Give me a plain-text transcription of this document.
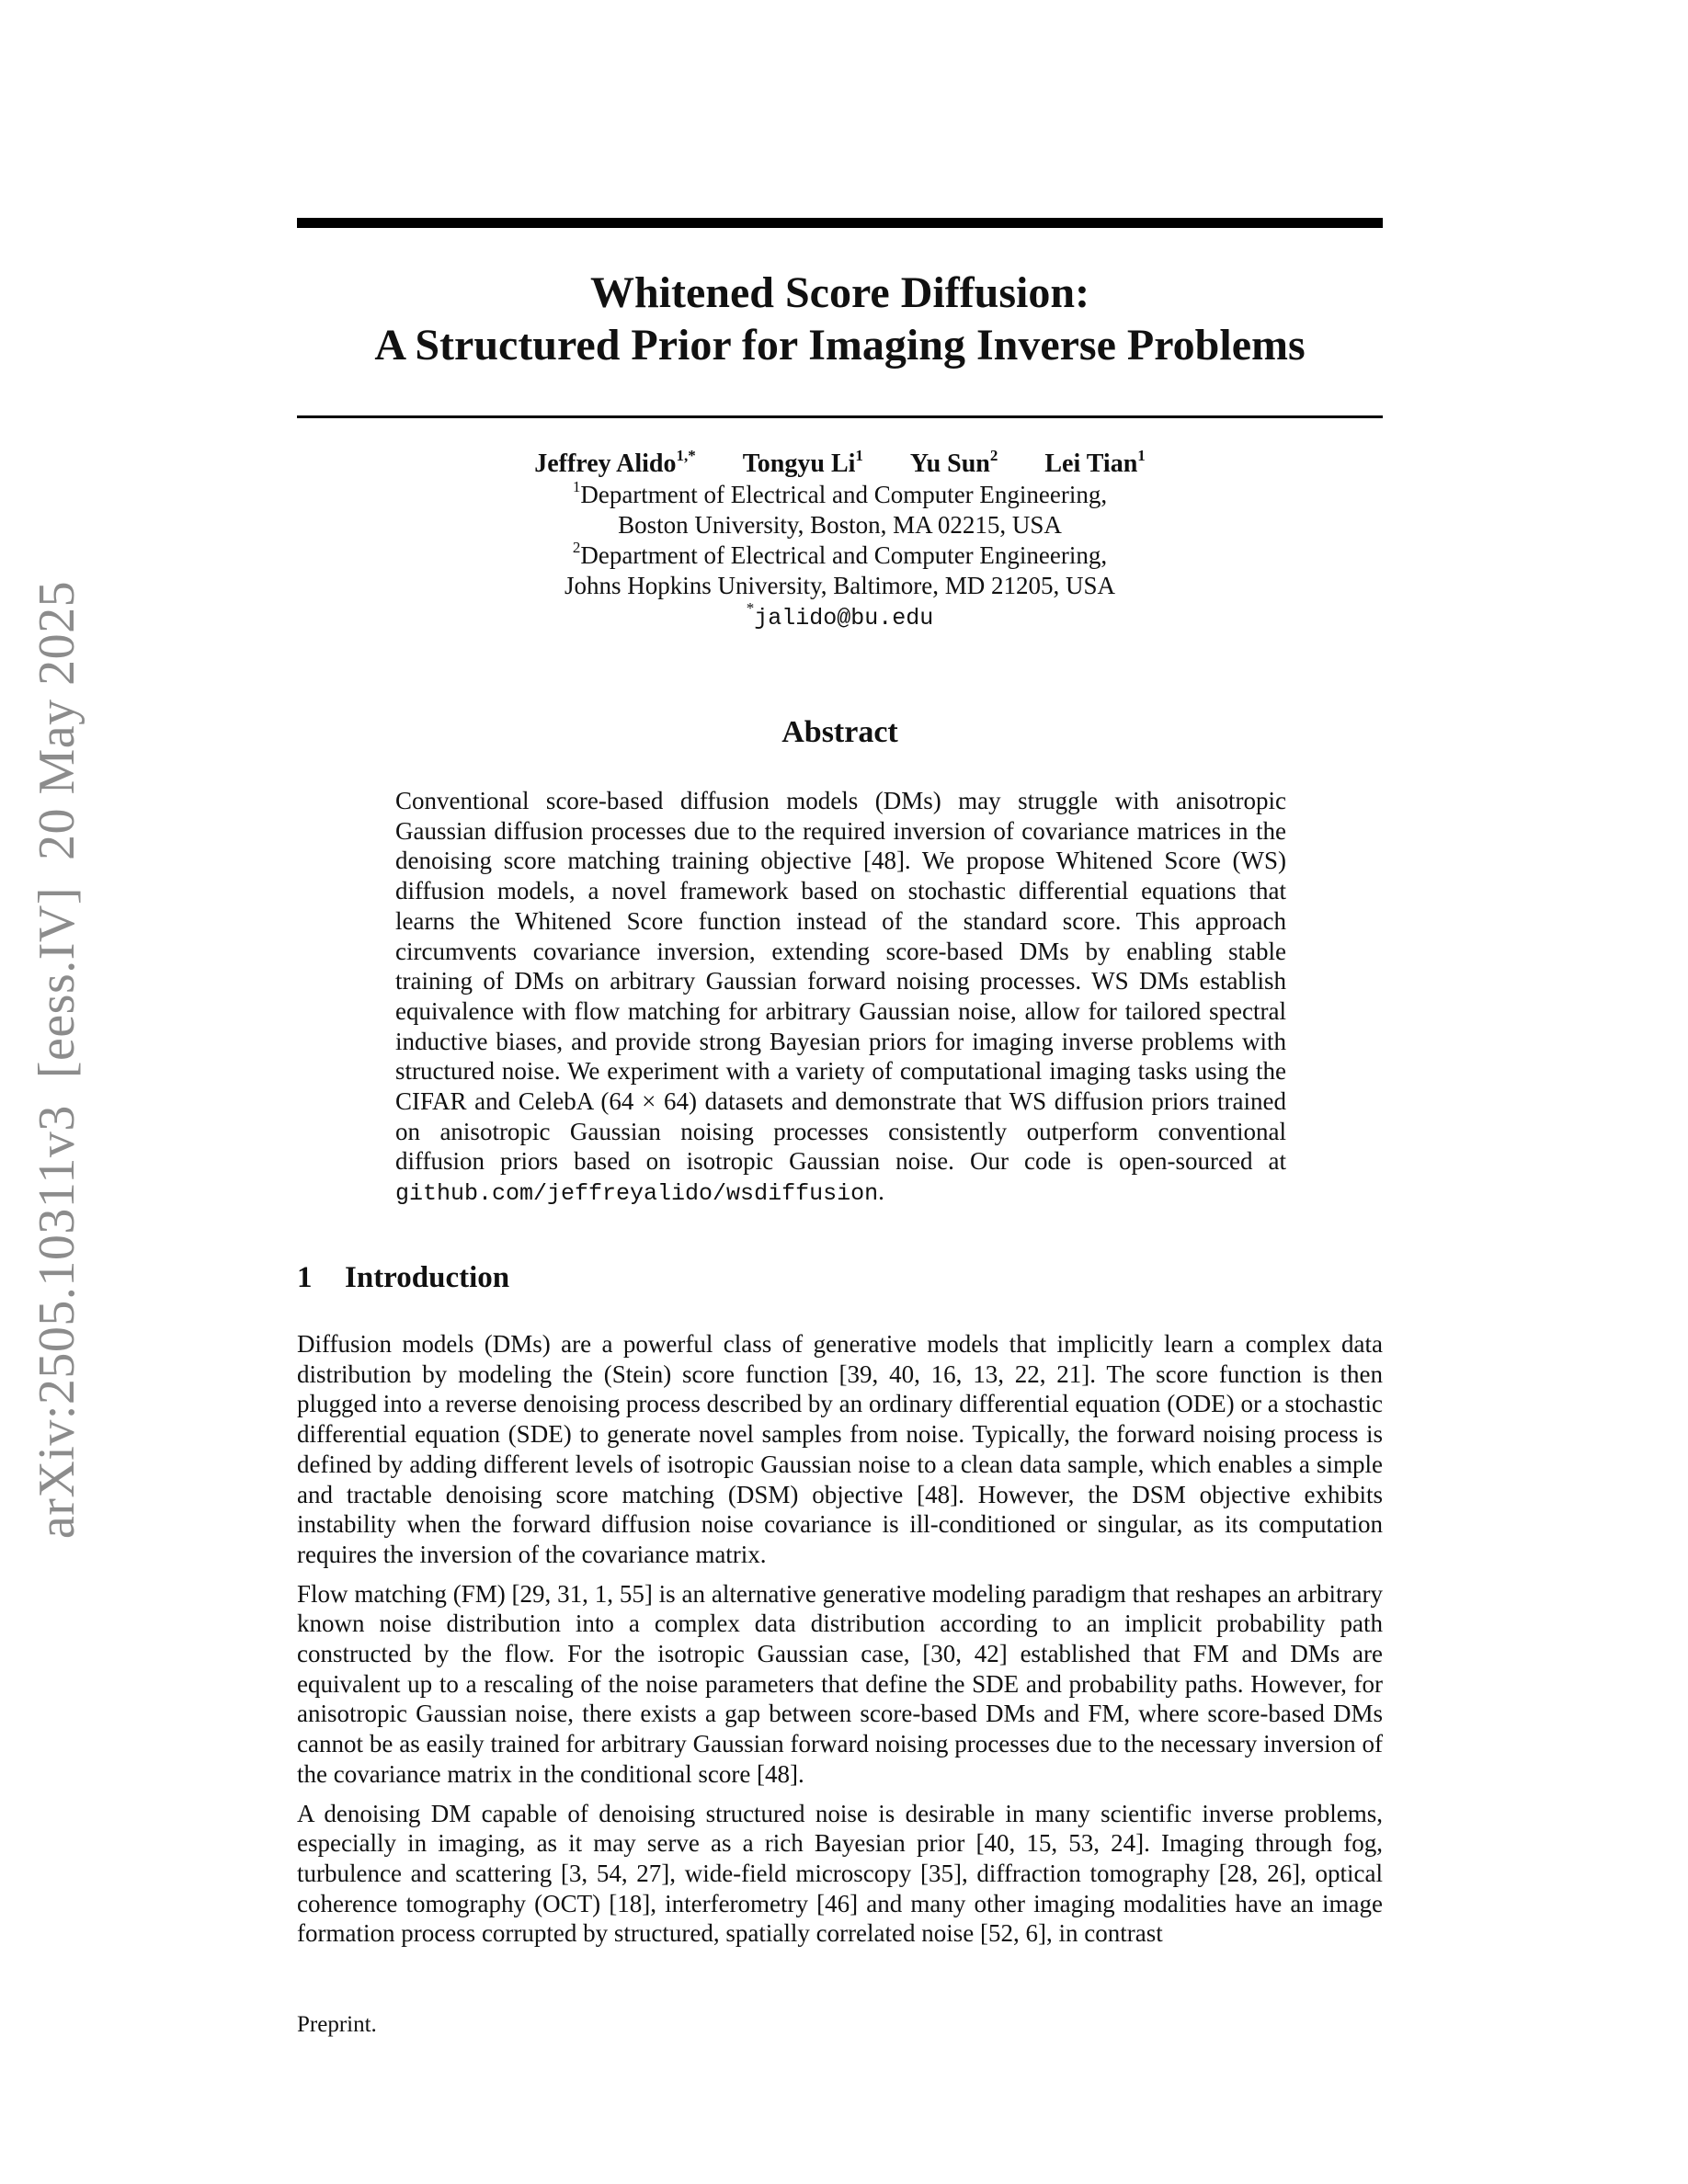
arXiv:2505.10311v3  [eess.IV]  20 May 2025
Whitened Score Diffusion:
A Structured Prior for Imaging Inverse Problems
Jeffrey Alido$^{1,*}$ Tongyu Li$^1$ Yu Sun$^2$ Lei Tian$^1$
$^1$Department of Electrical and Computer Engineering,
Boston University, Boston, MA 02215, USA
$^2$Department of Electrical and Computer Engineering,
Johns Hopkins University, Baltimore, MD 21205, USA
*jalido@bu.edu
Abstract
Conventional score-based diffusion models (DMs) may struggle with anisotropic Gaussian diffusion processes due to the required inversion of covariance matrices in the denoising score matching training objective [48]. We propose Whitened Score (WS) diffusion models, a novel framework based on stochastic differential equations that learns the Whitened Score function instead of the standard score. This approach circumvents covariance inversion, extending score-based DMs by enabling stable training of DMs on arbitrary Gaussian forward noising processes. WS DMs establish equivalence with flow matching for arbitrary Gaussian noise, allow for tailored spectral inductive biases, and provide strong Bayesian priors for imaging inverse problems with structured noise. We experiment with a variety of computational imaging tasks using the CIFAR and CelebA (64 × 64) datasets and demonstrate that WS diffusion priors trained on anisotropic Gaussian noising processes consistently outperform conventional diffusion priors based on isotropic Gaussian noise. Our code is open-sourced at github.com/jeffreyalido/wsdiffusion.
1 Introduction

Diffusion models (DMs) are a powerful class of generative models that implicitly learn a complex data distribution by modeling the (Stein) score function [39, 40, 16, 13, 22, 21]. The score function is then plugged into a reverse denoising process described by an ordinary differential equation (ODE) or a stochastic differential equation (SDE) to generate novel samples from noise. Typically, the forward noising process is defined by adding different levels of isotropic Gaussian noise to a clean data sample, which enables a simple and tractable denoising score matching (DSM) objective [48]. However, the DSM objective exhibits instability when the forward diffusion noise covariance is ill-conditioned or singular, as its computation requires the inversion of the covariance matrix.

Flow matching (FM) [29, 31, 1, 55] is an alternative generative modeling paradigm that reshapes an arbitrary known noise distribution into a complex data distribution according to an implicit probability path constructed by the flow. For the isotropic Gaussian case, [30, 42] established that FM and DMs are equivalent up to a rescaling of the noise parameters that define the SDE and probability paths. However, for anisotropic Gaussian noise, there exists a gap between score-based DMs and FM, where score-based DMs cannot be as easily trained for arbitrary Gaussian forward noising processes due to the necessary inversion of the covariance matrix in the conditional score [48].

A denoising DM capable of denoising structured noise is desirable in many scientific inverse problems, especially in imaging, as it may serve as a rich Bayesian prior [40, 15, 53, 24]. Imaging through fog, turbulence and scattering [3, 54, 27], wide-field microscopy [35], diffraction tomography [28, 26], optical coherence tomography (OCT) [18], interferometry [46] and many other imaging modalities have an image formation process corrupted by structured, spatially correlated noise [52, 6], in contrast

Preprint.
